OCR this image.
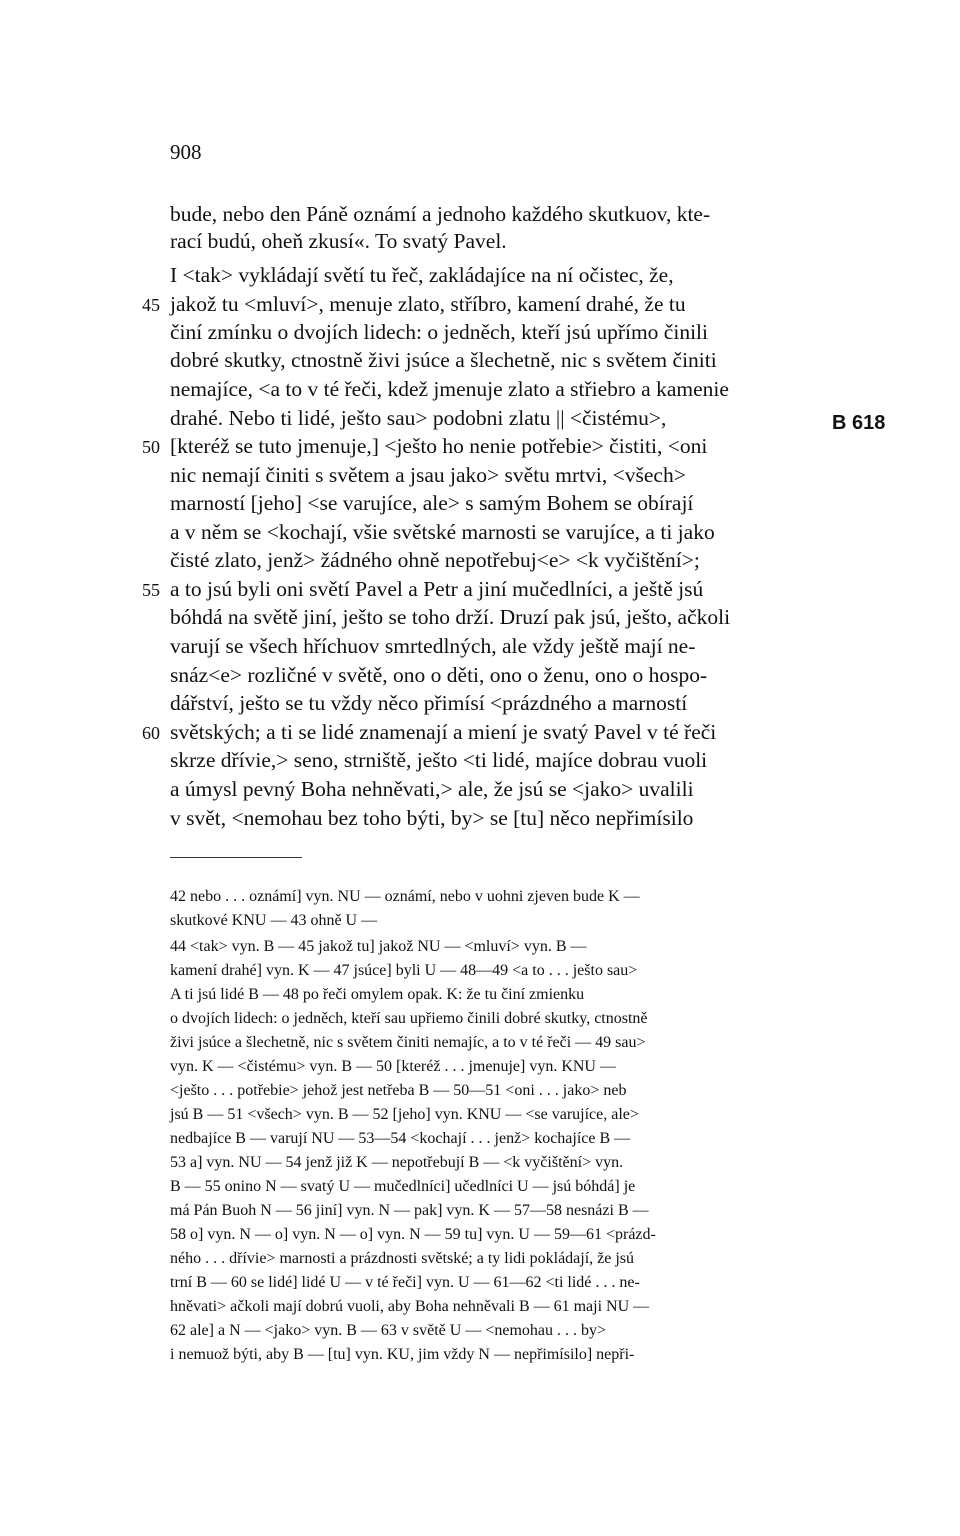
908
bude, nebo den Páně oznámí a jednoho každého skutkuov, kte-
rací budú, oheň zkusí«. To svatý Pavel.
I <tak> vykládají světí tu řeč, zakládajíce na ní očistec, že,
jakož tu <mluví>, menuje zlato, stříbro, kamení drahé, že tu
činí zmínku o dvojích lidech: o jedněch, kteří jsú upřímo činili
dobré skutky, ctnostně živi jsúce a šlechetně, nic s světem činiti
nemajíce, <a to v té řeči, kdež jmenuje zlato a střiebro a kamenie
drahé. Nebo ti lidé, ješto sau> podobni zlatu || <čistému>,
[kteréž se tuto jmenuje,] <ješto ho nenie potřebie> čistiti, <oni
nic nemají činiti s světem a jsau jako> světu mrtvi, <všech>
marností [jeho] <se varujíce, ale> s samým Bohem se obírají
a v něm se <kochají, všie světské marnosti se varujíce, a ti jako
čisté zlato, jenž> žádného ohně nepotřebuj<e> <k vyčištění>;
a to jsú byli oni světí Pavel a Petr a jiní mučedlníci, a ještě jsú
bóhdá na světě jiní, ješto se toho drží. Druzí pak jsú, ješto, ačkoli
varují se všech hříchuov smrtedlných, ale vždy ještě mají ne-
snáz<e> rozličné v světě, ono o děti, ono o ženu, ono o hospo-
dářství, ješto se tu vždy něco přimísí <prázdného a marností
světských; a ti se lidé znamenají a miení je svatý Pavel v té řeči
skrze dřívie,> seno, strniště, ješto <ti lidé, majíce dobrau vuoli
a úmysl pevný Boha nehněvati,> ale, že jsú se <jako> uvalili
v svět, <nemohau bez toho býti, by> se [tu] něco nepřimísilo
45
50
55
60
B 618
42 nebo . . . oznámí] vyn. NU — oznámí, nebo v uohni zjeven bude K —
skutkové KNU — 43 ohně U —
44 <tak> vyn. B — 45 jakož tu] jakož NU — <mluví> vyn. B —
kamení drahé] vyn. K — 47 jsúce] byli U — 48—49 <a to . . . ješto sau>
A ti jsú lidé B — 48 po řeči omylem opak. K: že tu činí zmienku
o dvojích lidech: o jedněch, kteří sau upřiemo činili dobré skutky, ctnostně
živi jsúce a šlechetně, nic s světem činiti nemajíc, a to v té řeči — 49 sau>
vyn. K — <čistému> vyn. B — 50 [kteréž . . . jmenuje] vyn. KNU —
<ješto . . . potřebie> jehož jest netřeba B — 50—51 <oni . . . jako> neb
jsú B — 51 <všech> vyn. B — 52 [jeho] vyn. KNU — <se varujíce, ale>
nedbajíce B — varují NU — 53—54 <kochají . . . jenž> kochajíce B —
53 a] vyn. NU — 54 jenž již K — nepotřebují B — <k vyčištění> vyn.
B — 55 onino N — svatý U — mučedlníci] učedlníci U — jsú bóhdá] je
má Pán Buoh N — 56 jiní] vyn. N — pak] vyn. K — 57—58 nesnázi B —
58 o] vyn. N — o] vyn. N — o] vyn. N — 59 tu] vyn. U — 59—61 <prázd-
ného . . . dřívie> marnosti a prázdnosti světské; a ty lidi pokládají, že jsú
trní B — 60 se lidé] lidé U — v té řeči] vyn. U — 61—62 <ti lidé . . . ne-
hněvati> ačkoli mají dobrú vuoli, aby Boha nehněvali B — 61 maji NU —
62 ale] a N — <jako> vyn. B — 63 v světě U — <nemohau . . . by>
i nemuož býti, aby B — [tu] vyn. KU, jim vždy N — nepřimísilo] nepři-
